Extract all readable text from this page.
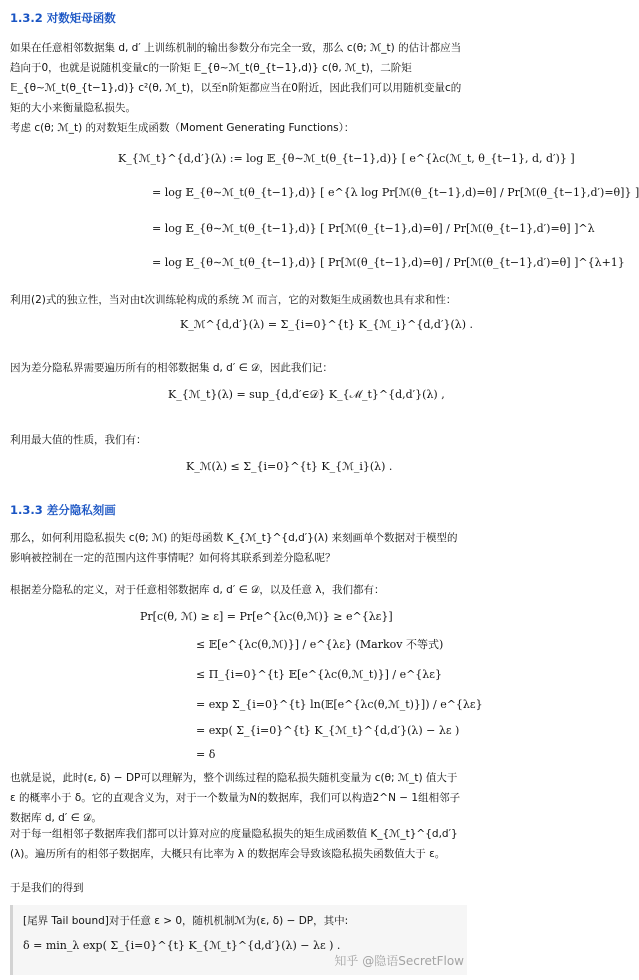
1.3.2 对数矩母函数
如果在任意相邻数据集 d, d′ 上训练机制的输出参数分布完全一致，那么 c(θ; ℳ_t) 的估计都应当趋向于0，也就是说随机变量c的一阶矩 𝔼_{θ∼ℳ_t(θ_{t−1},d)} c(θ, ℳ_t)，二阶矩 𝔼_{θ∼ℳ_t(θ_{t−1},d)} c²(θ, ℳ_t)，以至n阶矩都应当在0附近，因此我们可以用随机变量c的矩的大小来衡量隐私损失。
考虑 c(θ; ℳ_t) 的对数矩生成函数（Moment Generating Functions）：
K_{ℳ_t}^{d,d′}(λ) := log 𝔼_{θ∼ℳ_t(θ_{t−1},d)} [ e^{λc(ℳ_t, θ_{t−1}, d, d′)} ]
= log 𝔼_{θ∼ℳ_t(θ_{t−1},d)} [ e^{λ log Pr[ℳ(θ_{t−1},d)=θ] / Pr[ℳ(θ_{t−1},d′)=θ]} ]
= log 𝔼_{θ∼ℳ_t(θ_{t−1},d)} [ Pr[ℳ(θ_{t−1},d)=θ] / Pr[ℳ(θ_{t−1},d′)=θ] ]^λ
= log 𝔼_{θ∼ℳ_t(θ_{t−1},d)} [ Pr[ℳ(θ_{t−1},d)=θ] / Pr[ℳ(θ_{t−1},d′)=θ] ]^{λ+1}
利用(2)式的独立性，当对由t次训练轮构成的系统 ℳ 而言，它的对数矩生成函数也具有求和性：
K_ℳ^{d,d′}(λ) = Σ_{i=0}^{t} K_{ℳ_i}^{d,d′}(λ) .
因为差分隐私界需要遍历所有的相邻数据集 d, d′ ∈ 𝒟，因此我们记：
K_{ℳ_t}(λ) = sup_{d,d′∈𝒟} K_{ℳ_t}^{d,d′}(λ) ,
利用最大值的性质，我们有：
K_ℳ(λ) ≤ Σ_{i=0}^{t} K_{ℳ_i}(λ) .
1.3.3 差分隐私刻画
那么，如何利用隐私损失 c(θ; ℳ) 的矩母函数 K_{ℳ_t}^{d,d′}(λ) 来刻画单个数据对于模型的影响被控制在一定的范围内这件事情呢？如何将其联系到差分隐私呢？
根据差分隐私的定义，对于任意相邻数据库 d, d′ ∈ 𝒟，以及任意 λ，我们都有：
Pr[c(θ, ℳ) ≥ ε] = Pr[e^{λc(θ,ℳ)} ≥ e^{λε}]
≤ 𝔼[e^{λc(θ,ℳ)}] / e^{λε} (Markov 不等式)
≤ Π_{i=0}^{t} 𝔼[e^{λc(θ,ℳ_t)}] / e^{λε}
= exp Σ_{i=0}^{t} ln(𝔼[e^{λc(θ,ℳ_t)}]) / e^{λε}
= exp( Σ_{i=0}^{t} K_{ℳ_t}^{d,d′}(λ) − λε )
= δ
也就是说，此时(ε, δ) − DP可以理解为，整个训练过程的隐私损失随机变量为 c(θ; ℳ_t) 值大于 ε 的概率小于 δ。它的直观含义为，对于一个数量为N的数据库，我们可以构造2^N − 1组相邻子数据库 d, d′ ∈ 𝒟。
对于每一组相邻子数据库我们都可以计算对应的度量隐私损失的矩生成函数值 K_{ℳ_t}^{d,d′}(λ)。遍历所有的相邻子数据库，大概只有比率为 λ 的数据库会导致该隐私损失函数值大于 ε。
于是我们的得到
[尾界 Tail bound]对于任意 ε > 0，随机机制ℳ为(ε, δ) − DP，其中:
δ = min_λ exp( Σ_{i=0}^{t} K_{ℳ_t}^{d,d′}(λ) − λε ) .
知乎 @隐语SecretFlow
